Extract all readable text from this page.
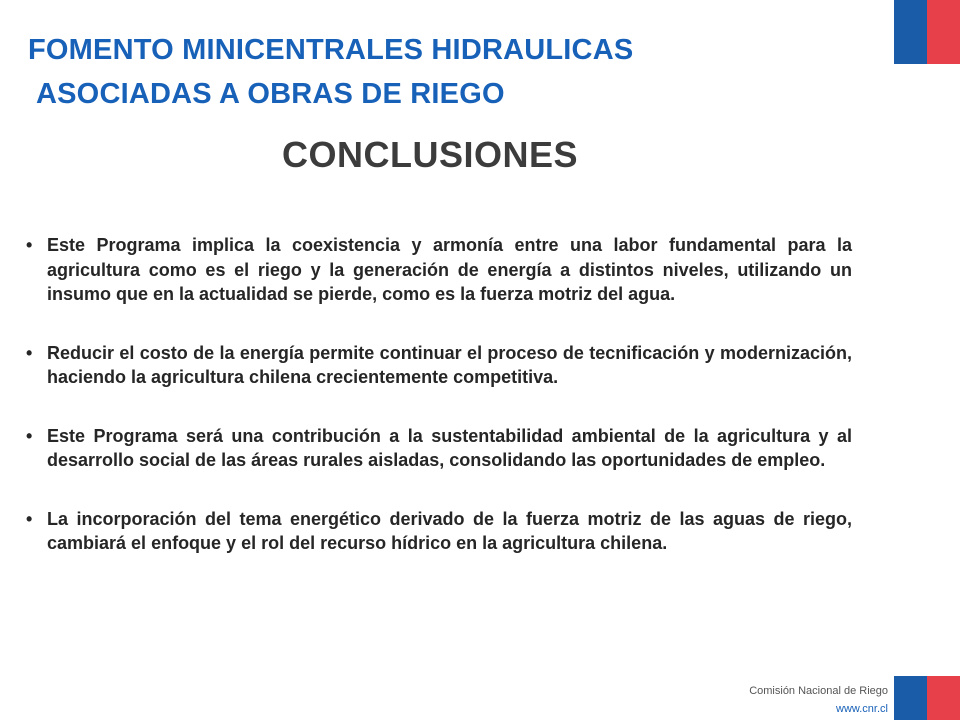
FOMENTO MINICENTRALES HIDRAULICAS
ASOCIADAS A OBRAS DE RIEGO
CONCLUSIONES
• Este Programa implica la coexistencia y armonía entre una labor fundamental para la agricultura como es el riego y la generación de energía a distintos niveles, utilizando un insumo que en la actualidad se pierde, como es la fuerza motriz del agua.
• Reducir el costo de la energía permite continuar el proceso de tecnificación y modernización, haciendo la agricultura chilena crecientemente competitiva.
• Este Programa será una contribución a la sustentabilidad ambiental de la agricultura y al desarrollo social de las áreas rurales aisladas, consolidando las oportunidades de empleo.
• La incorporación del tema energético derivado de la fuerza motriz de las aguas de riego, cambiará el enfoque y el rol del recurso hídrico en la agricultura chilena.
Comisión Nacional de Riego
www.cnr.cl
